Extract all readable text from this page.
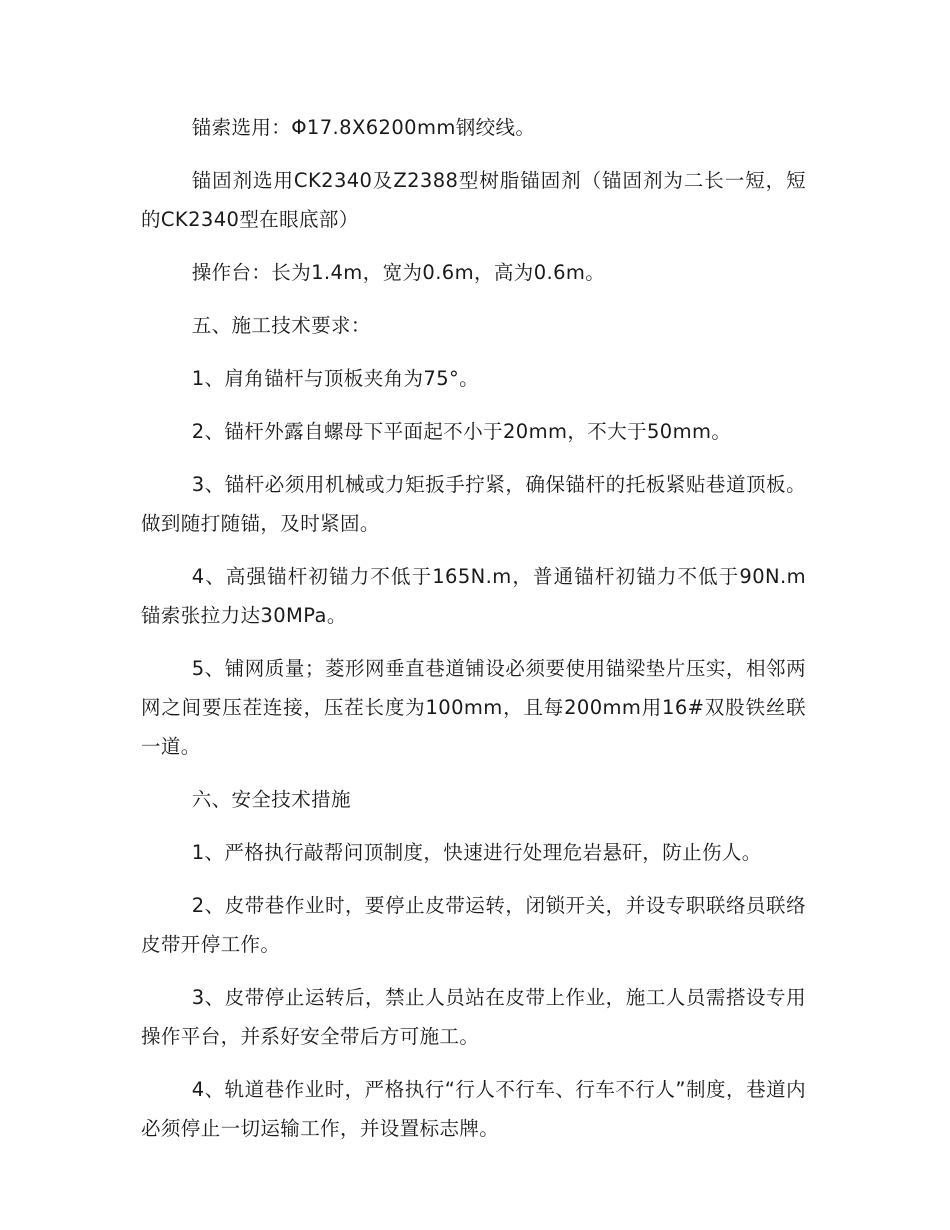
锚索选用：Φ17.8X6200mm钢绞线。

锚固剂选用CK2340及Z2388型树脂锚固剂（锚固剂为二长一短，短的CK2340型在眼底部）

操作台：长为1.4m，宽为0.6m，高为0.6m。

五、施工技术要求：

1、肩角锚杆与顶板夹角为75°。

2、锚杆外露自螺母下平面起不小于20mm，不大于50mm。

3、锚杆必须用机械或力矩扳手拧紧，确保锚杆的托板紧贴巷道顶板。做到随打随锚，及时紧固。

4、高强锚杆初锚力不低于165N.m，普通锚杆初锚力不低于90N.m锚索张拉力达30MPa。

5、铺网质量；菱形网垂直巷道铺设必须要使用锚梁垫片压实，相邻两网之间要压茬连接，压茬长度为100mm，且每200mm用16#双股铁丝联一道。

六、安全技术措施

1、严格执行敲帮问顶制度，快速进行处理危岩悬矸，防止伤人。

2、皮带巷作业时，要停止皮带运转，闭锁开关，并设专职联络员联络皮带开停工作。

3、皮带停止运转后，禁止人员站在皮带上作业，施工人员需搭设专用操作平台，并系好安全带后方可施工。

4、轨道巷作业时，严格执行“行人不行车、行车不行人”制度，巷道内必须停止一切运输工作，并设置标志牌。
